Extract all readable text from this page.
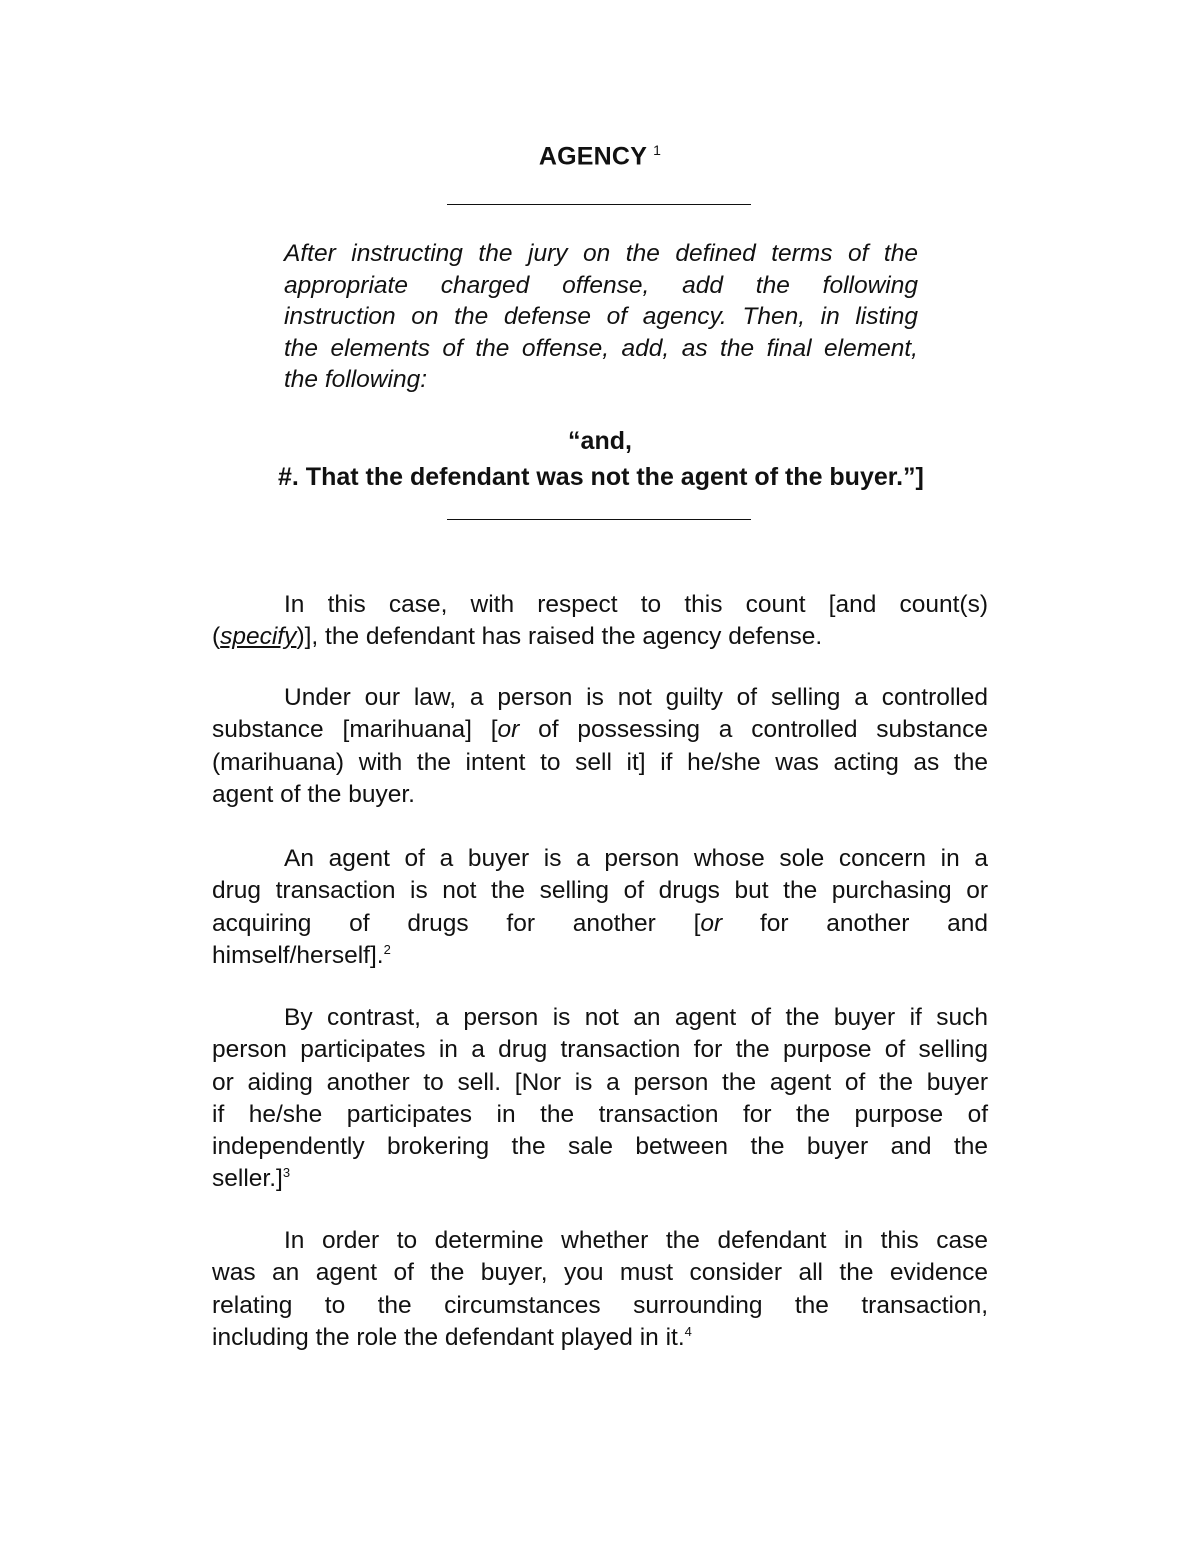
AGENCY $^1$
After instructing the jury on the defined terms of the
appropriate charged offense, add the following
instruction on the defense of agency. Then, in listing
the elements of the offense, add, as the final element,
the following:
“and,
#. That the defendant was not the agent of the buyer.”]
In this case, with respect to this count [and count(s)
(specify)], the defendant has raised the agency defense.
Under our law, a person is not guilty of selling a controlled
substance [marihuana] [or of possessing a controlled substance
(marihuana) with the intent to sell it] if he/she was acting as the
agent of the buyer.
An agent of a buyer is a person whose sole concern in a
drug transaction is not the selling of drugs but the purchasing or
acquiring of drugs for another [or for another and
himself/herself].$^2$
By contrast, a person is not an agent of the buyer if such
person participates in a drug transaction for the purpose of selling
or aiding another to sell. [Nor is a person the agent of the buyer
if he/she participates in the transaction for the purpose of
independently brokering the sale between the buyer and the
seller.]$^3$
In order to determine whether the defendant in this case
was an agent of the buyer, you must consider all the evidence
relating to the circumstances surrounding the transaction,
including the role the defendant played in it.$^4$
